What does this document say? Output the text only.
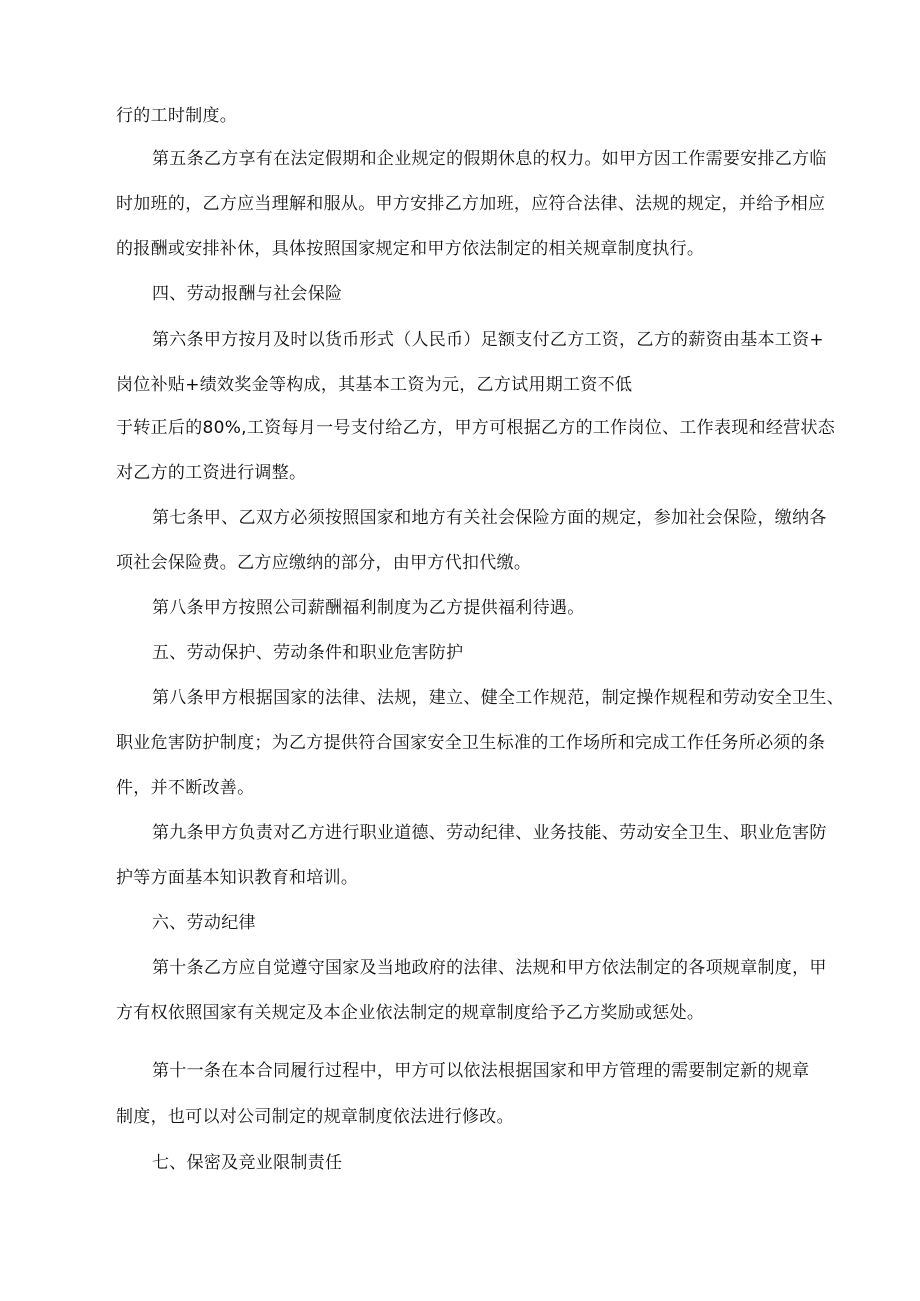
行的工时制度。
第五条乙方享有在法定假期和企业规定的假期休息的权力。如甲方因工作需要安排乙方临
时加班的，乙方应当理解和服从。甲方安排乙方加班，应符合法律、法规的规定，并给予相应
的报酬或安排补休，具体按照国家规定和甲方依法制定的相关规章制度执行。
四、劳动报酬与社会保险
第六条甲方按月及时以货币形式（人民币）足额支付乙方工资，乙方的薪资由基本工资+
岗位补贴+绩效奖金等构成，其基本工资为元，乙方试用期工资不低
于转正后的80%,工资每月一号支付给乙方，甲方可根据乙方的工作岗位、工作表现和经营状态
对乙方的工资进行调整。
第七条甲、乙双方必须按照国家和地方有关社会保险方面的规定，参加社会保险，缴纳各
项社会保险费。乙方应缴纳的部分，由甲方代扣代缴。
第八条甲方按照公司薪酬福利制度为乙方提供福利待遇。
五、劳动保护、劳动条件和职业危害防护
第八条甲方根据国家的法律、法规，建立、健全工作规范，制定操作规程和劳动安全卫生、
职业危害防护制度；为乙方提供符合国家安全卫生标准的工作场所和完成工作任务所必须的条
件，并不断改善。
第九条甲方负责对乙方进行职业道德、劳动纪律、业务技能、劳动安全卫生、职业危害防
护等方面基本知识教育和培训。
六、劳动纪律
第十条乙方应自觉遵守国家及当地政府的法律、法规和甲方依法制定的各项规章制度，甲
方有权依照国家有关规定及本企业依法制定的规章制度给予乙方奖励或惩处。
第十一条在本合同履行过程中，甲方可以依法根据国家和甲方管理的需要制定新的规章
制度，也可以对公司制定的规章制度依法进行修改。
七、保密及竞业限制责任
